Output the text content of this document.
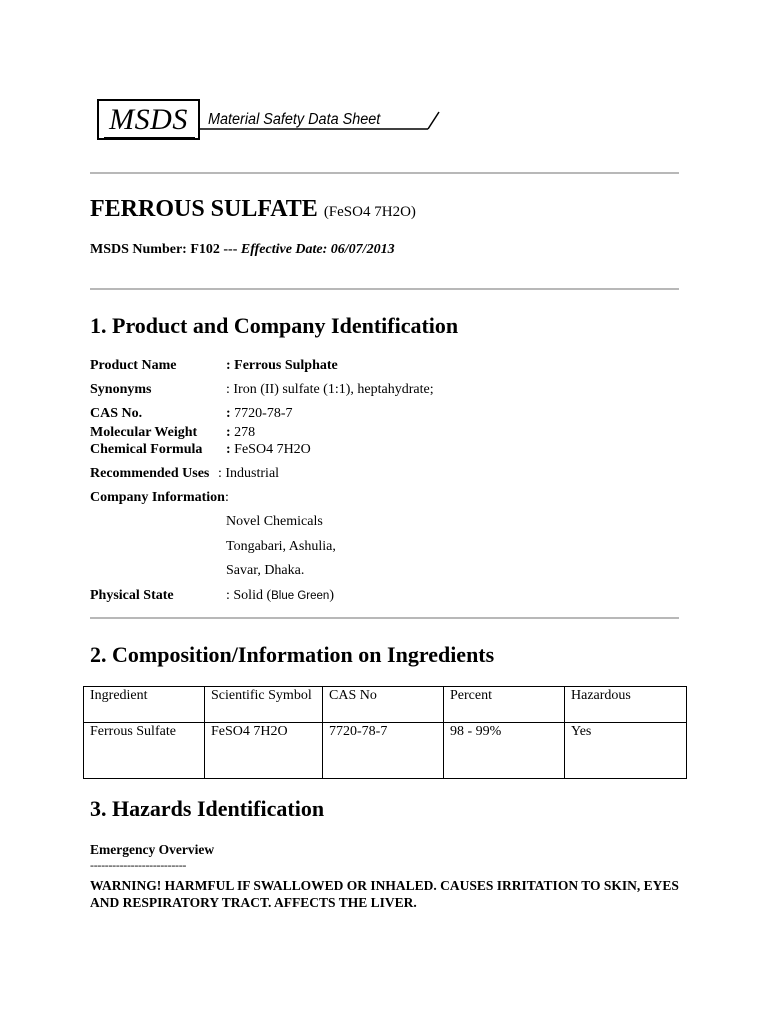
MSDS Material Safety Data Sheet
FERROUS SULFATE (FeSO4 7H2O)
MSDS Number: F102 --- Effective Date: 06/07/2013
1. Product and Company Identification
Product Name	: Ferrous Sulphate
Synonyms	: Iron (II) sulfate (1:1), heptahydrate;
CAS No.	: 7720-78-7
Molecular Weight : 278
Chemical Formula : FeSO4 7H2O
Recommended Uses : Industrial
Company Information:
Novel Chemicals
Tongabari, Ashulia,
Savar, Dhaka.
Physical State	: Solid (Blue Green)
2. Composition/Information on Ingredients
Ingredient	Scientific Symbol	CAS No	Percent	Hazardous
Ferrous Sulfate	FeSO4 7H2O	7720-78-7	98 - 99%	Yes
3. Hazards Identification
Emergency Overview
--------------------------
WARNING! HARMFUL IF SWALLOWED OR INHALED. CAUSES IRRITATION TO SKIN, EYES AND RESPIRATORY TRACT. AFFECTS THE LIVER.
